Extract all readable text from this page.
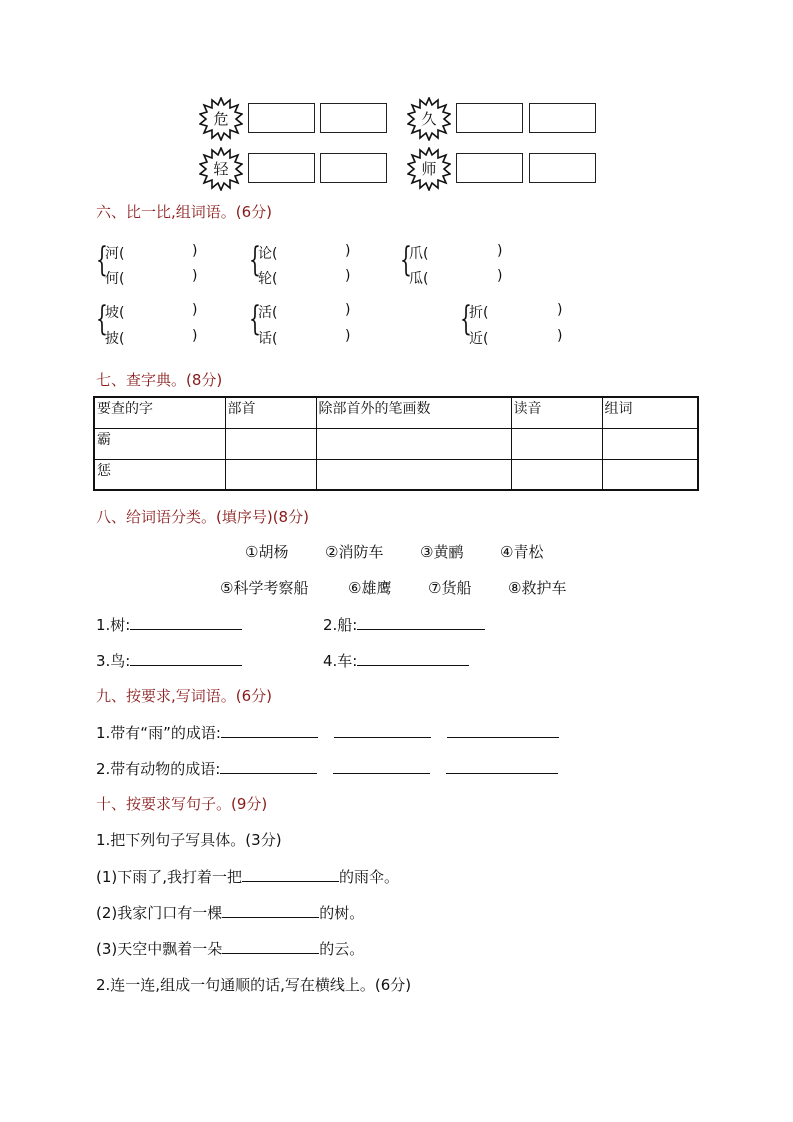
危	久
轻	师
六、比一比,组词语。(6分)
{
河(	)
何(	) {
论(	)
轮(	) {
爪(	)
瓜(	)
{
坡(	)
披(	) {
活(	)
话(	)	{
折(	)
近(	)
七、查字典。(8分)
要查的字	部首	除部首外的笔画数	读音	组词
霸				
惩				
八、给词语分类。(填序号)(8分)
①胡杨 ②消防车 ③黄鹂 ④青松
⑤科学考察船	⑥雄鹰 ⑦货船 ⑧救护车
1.树:	2.船:
3.鸟:	4.车:
九、按要求,写词语。(6分)
1.带有“雨”的成语:
2.带有动物的成语:
十、按要求写句子。(9分)
1.把下列句子写具体。(3分)
(1)下雨了,我打着一把	的雨伞。
(2)我家门口有一棵	的树。
(3)天空中飘着一朵	的云。
2.连一连,组成一句通顺的话,写在横线上。(6分)
